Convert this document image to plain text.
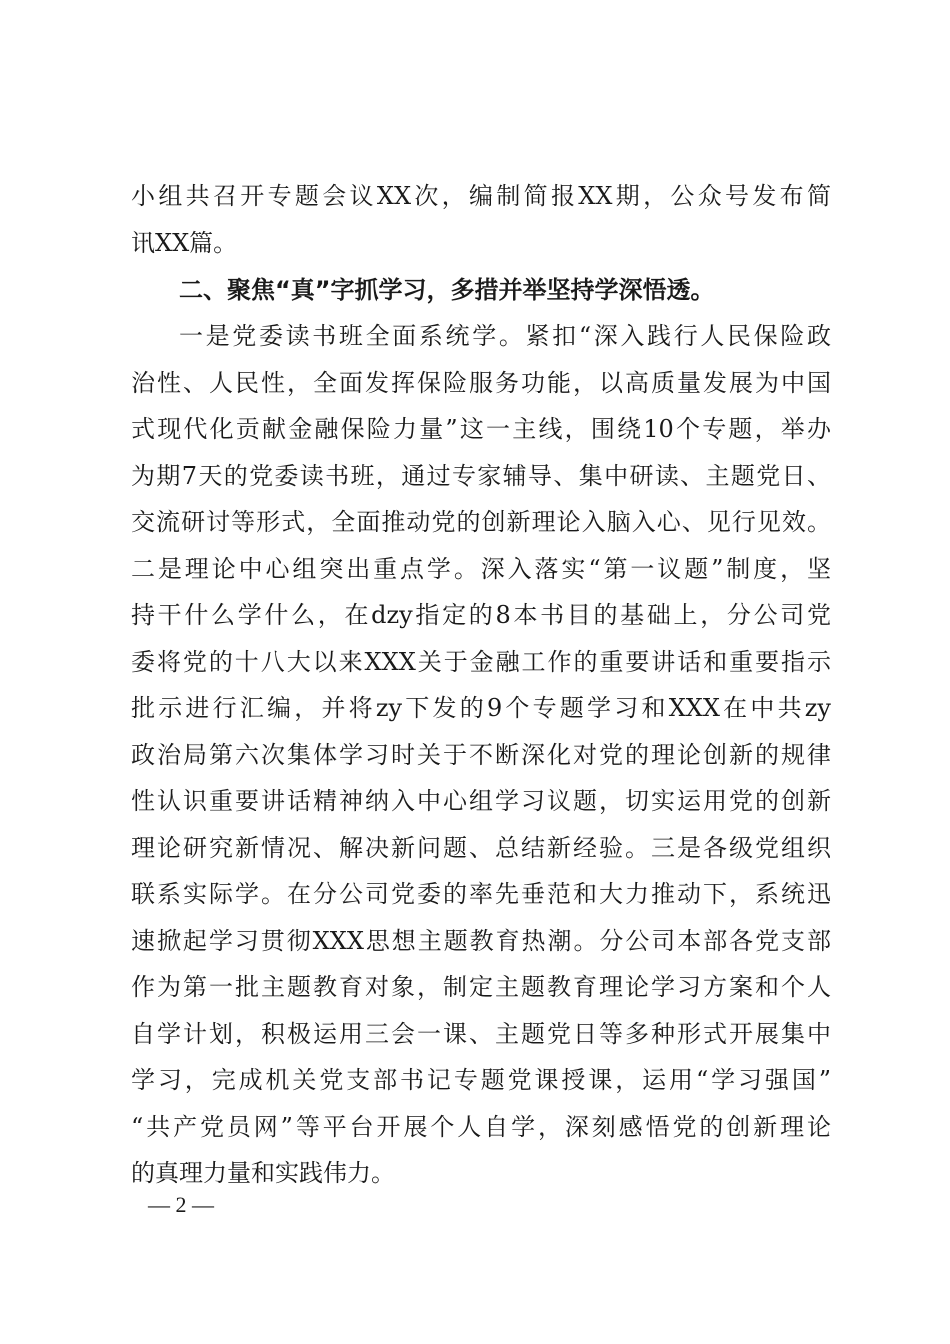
小组共召开专题会议XX次，编制简报XX期，公众号发布简
讯XX篇。
二、聚焦“真”字抓学习，多措并举坚持学深悟透。
一是党委读书班全面系统学。紧扣“深入践行人民保险政
治性、人民性，全面发挥保险服务功能，以高质量发展为中国
式现代化贡献金融保险力量”这一主线，围绕10个专题，举办
为期7天的党委读书班，通过专家辅导、集中研读、主题党日、
交流研讨等形式，全面推动党的创新理论入脑入心、见行见效。
二是理论中心组突出重点学。深入落实“第一议题”制度，坚
持干什么学什么，在dzy指定的8本书目的基础上，分公司党
委将党的十八大以来XXX关于金融工作的重要讲话和重要指示
批示进行汇编，并将zy下发的9个专题学习和XXX在中共zy
政治局第六次集体学习时关于不断深化对党的理论创新的规律
性认识重要讲话精神纳入中心组学习议题，切实运用党的创新
理论研究新情况、解决新问题、总结新经验。三是各级党组织
联系实际学。在分公司党委的率先垂范和大力推动下，系统迅
速掀起学习贯彻XXX思想主题教育热潮。分公司本部各党支部
作为第一批主题教育对象，制定主题教育理论学习方案和个人
自学计划，积极运用三会一课、主题党日等多种形式开展集中
学习，完成机关党支部书记专题党课授课，运用“学习强国”
“共产党员网”等平台开展个人自学，深刻感悟党的创新理论
的真理力量和实践伟力。
— 2 —
